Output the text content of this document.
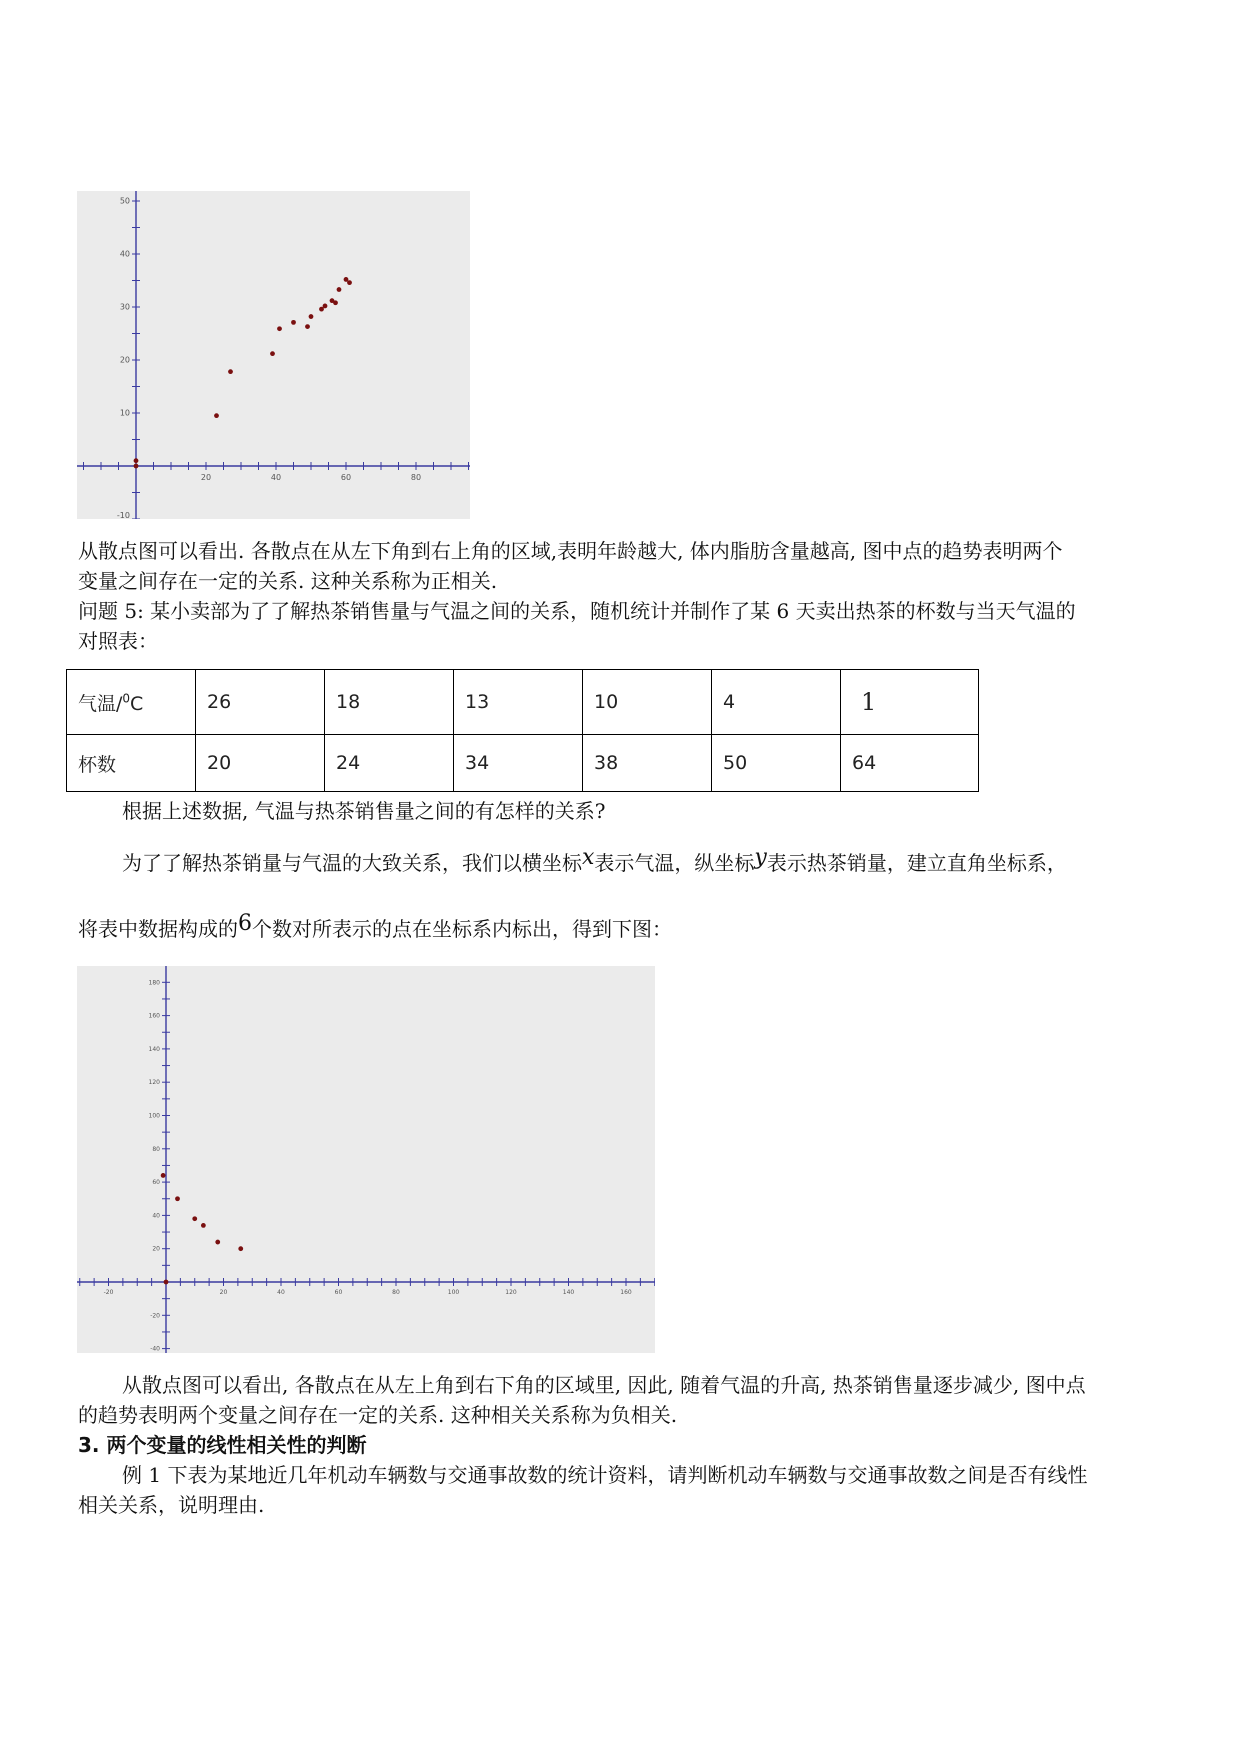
20	40	60	80
50
40
30
20
10
-10

从散点图可以看出. 各散点在从左下角到右上角的区域,表明年龄越大, 体内脂肪含量越高, 图中点的趋势表明两个
变量之间存在一定的关系. 这种关系称为正相关.
问题 5: 某小卖部为了了解热茶销售量与气温之间的关系，随机统计并制作了某 6 天卖出热茶的杯数与当天气温的
对照表：

气温/$^0$C	26	18	13	10	4	1
杯数	20	24	34	38	50	64

根据上述数据, 气温与热茶销售量之间的有怎样的关系?

为了了解热茶销量与气温的大致关系，我们以横坐标x表示气温，纵坐标y表示热茶销量，建立直角坐标系，

将表中数据构成的6个数对所表示的点在坐标系内标出，得到下图：

-20	20	40	60	80	100	120	140	160
180
160
140
120
100
80
60
40
20
-20
-40

从散点图可以看出, 各散点在从左上角到右下角的区域里, 因此, 随着气温的升高, 热茶销售量逐步减少, 图中点
的趋势表明两个变量之间存在一定的关系. 这种相关关系称为负相关.
3. 两个变量的线性相关性的判断
例 1 下表为某地近几年机动车辆数与交通事故数的统计资料，请判断机动车辆数与交通事故数之间是否有线性
相关关系，说明理由.
